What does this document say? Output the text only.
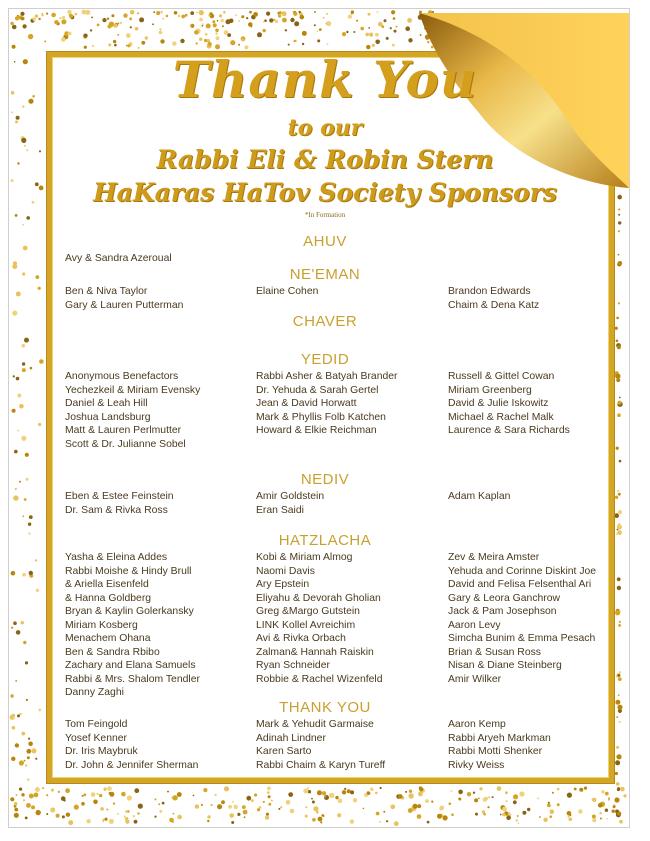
Thank You
to our
Rabbi Eli & Robin Stern
HaKaras HaTov Society Sponsors
*In Formation
AHUV
Avy & Sandra Azeroual
NE'EMAN
Ben & Niva Taylor
Gary & Lauren Putterman
Elaine Cohen	Brandon Edwards
Chaim & Dena Katz
CHAVER
YEDID
Anonymous Benefactors
Yechezkeil & Miriam Evensky
Daniel & Leah Hill
Joshua Landsburg
Matt & Lauren Perlmutter
Scott & Dr. Julianne Sobel
Rabbi Asher & Batyah Brander
Dr. Yehuda & Sarah Gertel
Jean & David Horwatt
Mark & Phyllis Folb Katchen
Howard & Elkie Reichman
Russell & Gittel Cowan
Miriam Greenberg
David & Julie Iskowitz
Michael & Rachel Malk
Laurence & Sara Richards
NEDIV
Eben & Estee Feinstein
Dr. Sam & Rivka Ross
Amir Goldstein
Eran Saidi
Adam Kaplan
HATZLACHA
Yasha & Eleina Addes
Rabbi Moishe & Hindy Brull
& Ariella Eisenfeld
& Hanna Goldberg
Bryan & Kaylin Golerkansky
Miriam Kosberg
Menachem Ohana
Ben & Sandra Rbibo
Zachary and Elana Samuels
Rabbi & Mrs. Shalom Tendler
Danny Zaghi
Kobi & Miriam Almog
Naomi Davis
Ary Epstein
Eliyahu & Devorah Gholian
Greg &Margo Gutstein
LINK Kollel Avreichim
Avi & Rivka Orbach
Zalman& Hannah Raiskin
Ryan Schneider
Robbie & Rachel Wizenfeld
Zev & Meira Amster
Yehuda and Corinne Diskint Joe
David and Felisa Felsenthal Ari
Gary & Leora Ganchrow
Jack & Pam Josephson
Aaron Levy
Simcha Bunim & Emma Pesach
Brian & Susan Ross
Nisan & Diane Steinberg
Amir Wilker
THANK YOU
Tom Feingold
Yosef Kenner
Dr. Iris Maybruk
Dr. John & Jennifer Sherman
Mark & Yehudit Garmaise
Adinah Lindner
Karen Sarto
Rabbi Chaim & Karyn Tureff
Aaron Kemp
Rabbi Aryeh Markman
Rabbi Motti Shenker
Rivky Weiss
